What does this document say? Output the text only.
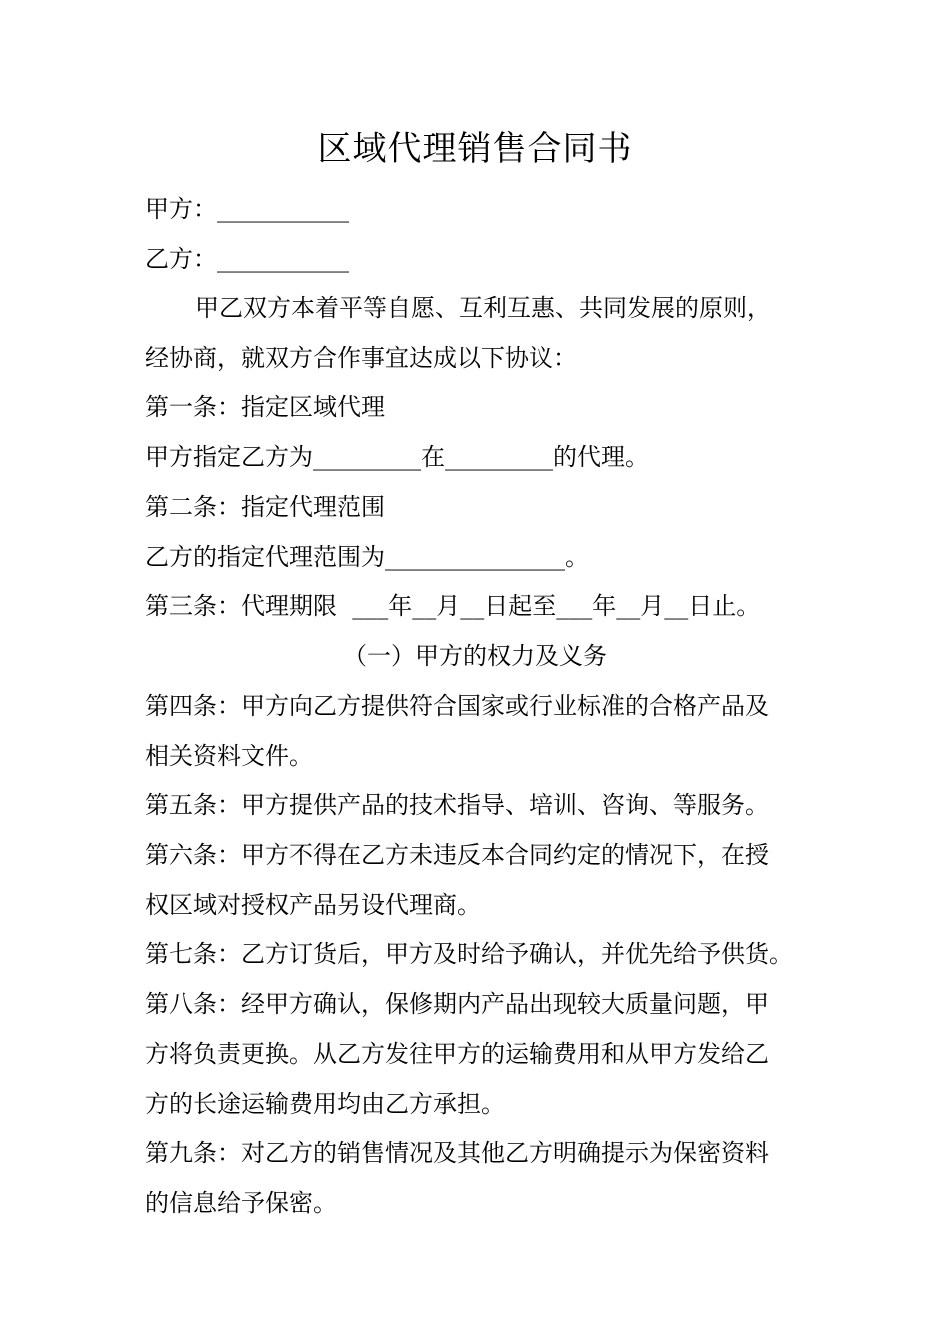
区域代理销售合同书

甲方：___________

乙方：___________

甲乙双方本着平等自愿、互利互惠、共同发展的原则，

经协商，就双方合作事宜达成以下协议：

第一条：指定区域代理

甲方指定乙方为_________在_________的代理。

第二条：指定代理范围

乙方的指定代理范围为_______________。

第三条：代理期限  ___年__月__日起至___年__月__日止。

（一）甲方的权力及义务

第四条：甲方向乙方提供符合国家或行业标准的合格产品及

相关资料文件。

第五条：甲方提供产品的技术指导、培训、咨询、等服务。

第六条：甲方不得在乙方未违反本合同约定的情况下，在授

权区域对授权产品另设代理商。

第七条：乙方订货后，甲方及时给予确认，并优先给予供货。

第八条：经甲方确认，保修期内产品出现较大质量问题，甲

方将负责更换。从乙方发往甲方的运输费用和从甲方发给乙

方的长途运输费用均由乙方承担。

第九条：对乙方的销售情况及其他乙方明确提示为保密资料

的信息给予保密。
